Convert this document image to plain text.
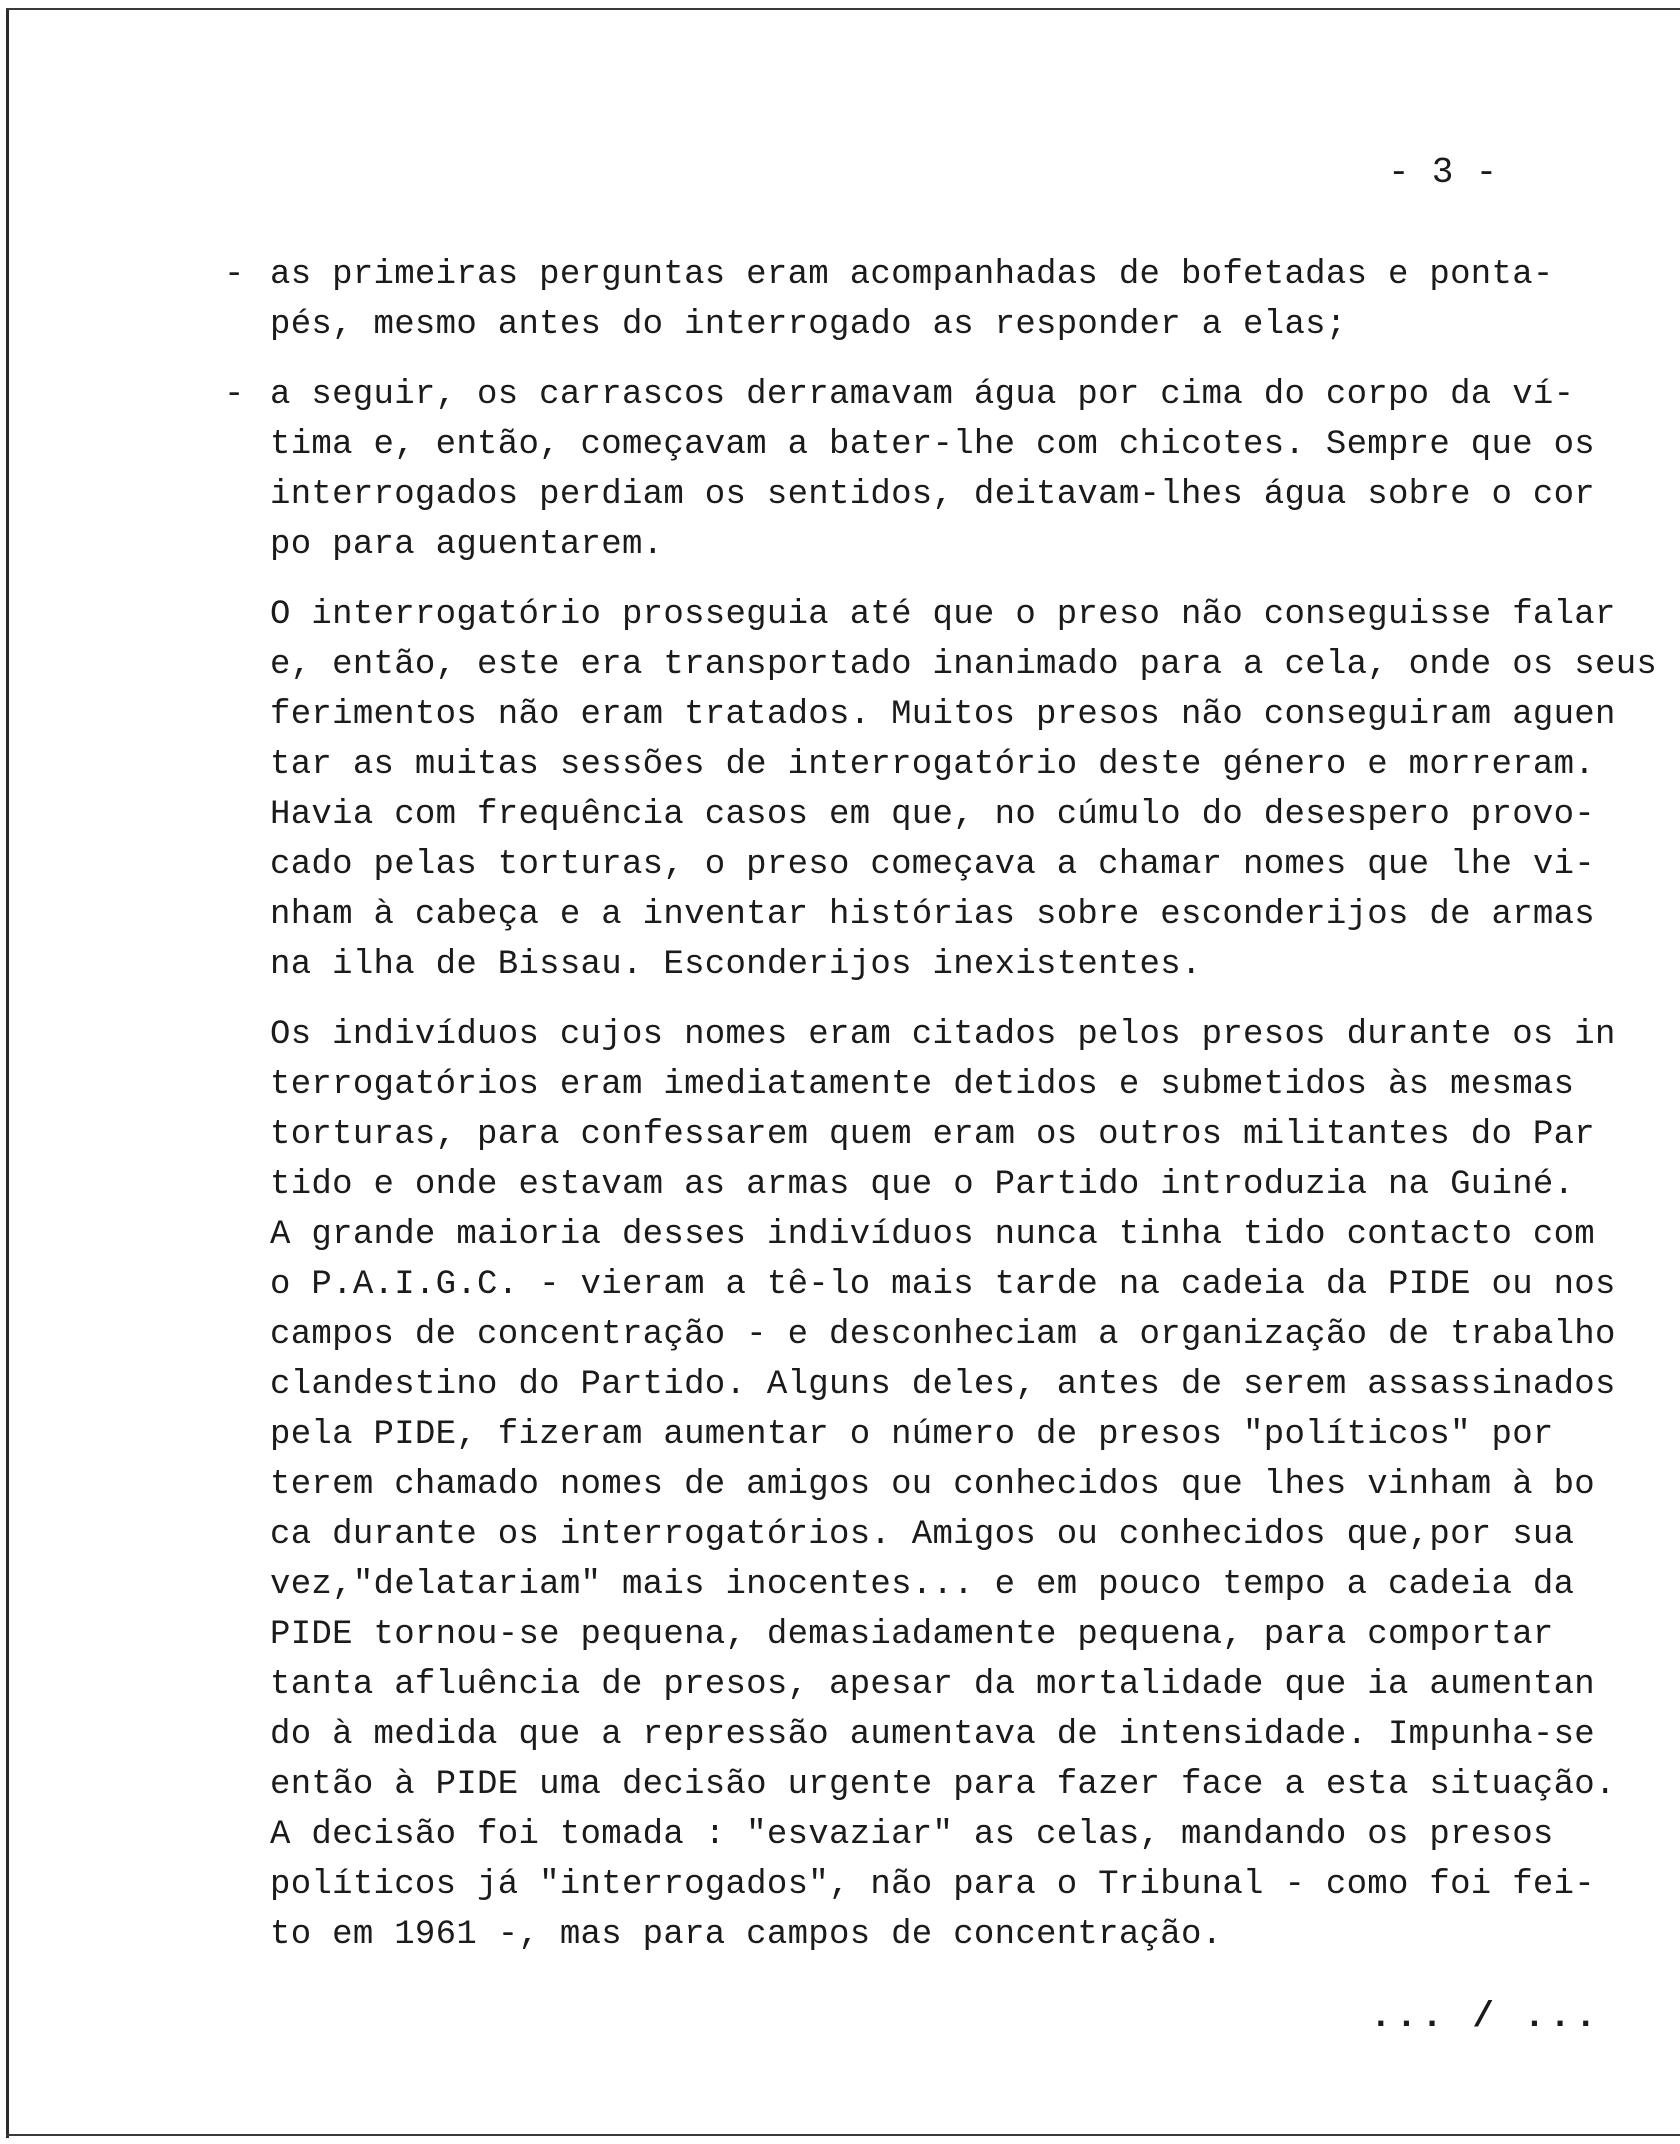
- 3 -
- as primeiras perguntas eram acompanhadas de bofetadas e ponta-
pés, mesmo antes do interrogado as responder a elas;
- a seguir, os carrascos derramavam água por cima do corpo da ví-
tima e, então, começavam a bater-lhe com chicotes. Sempre que os
interrogados perdiam os sentidos, deitavam-lhes água sobre o cor
po para aguentarem.
O interrogatório prosseguia até que o preso não conseguisse falar
e, então, este era transportado inanimado para a cela, onde os seus
ferimentos não eram tratados. Muitos presos não conseguiram aguen
tar as muitas sessões de interrogatório deste género e morreram.
Havia com frequência casos em que, no cúmulo do desespero provo-
cado pelas torturas, o preso começava a chamar nomes que lhe vi-
nham à cabeça e a inventar histórias sobre esconderijos de armas
na ilha de Bissau. Esconderijos inexistentes.
Os indivíduos cujos nomes eram citados pelos presos durante os in
terrogatórios eram imediatamente detidos e submetidos às mesmas
torturas, para confessarem quem eram os outros militantes do Par
tido e onde estavam as armas que o Partido introduzia na Guiné.
A grande maioria desses indivíduos nunca tinha tido contacto com
o P.A.I.G.C. - vieram a tê-lo mais tarde na cadeia da PIDE ou nos
campos de concentração - e desconheciam a organização de trabalho
clandestino do Partido. Alguns deles, antes de serem assassinados
pela PIDE, fizeram aumentar o número de presos "políticos" por
terem chamado nomes de amigos ou conhecidos que lhes vinham à bo
ca durante os interrogatórios. Amigos ou conhecidos que,por sua
vez,"delatariam" mais inocentes... e em pouco tempo a cadeia da
PIDE tornou-se pequena, demasiadamente pequena, para comportar
tanta afluência de presos, apesar da mortalidade que ia aumentan
do à medida que a repressão aumentava de intensidade. Impunha-se
então à PIDE uma decisão urgente para fazer face a esta situação.
A decisão foi tomada : "esvaziar" as celas, mandando os presos
políticos já "interrogados", não para o Tribunal - como foi fei-
to em 1961 -, mas para campos de concentração.
... / ...
